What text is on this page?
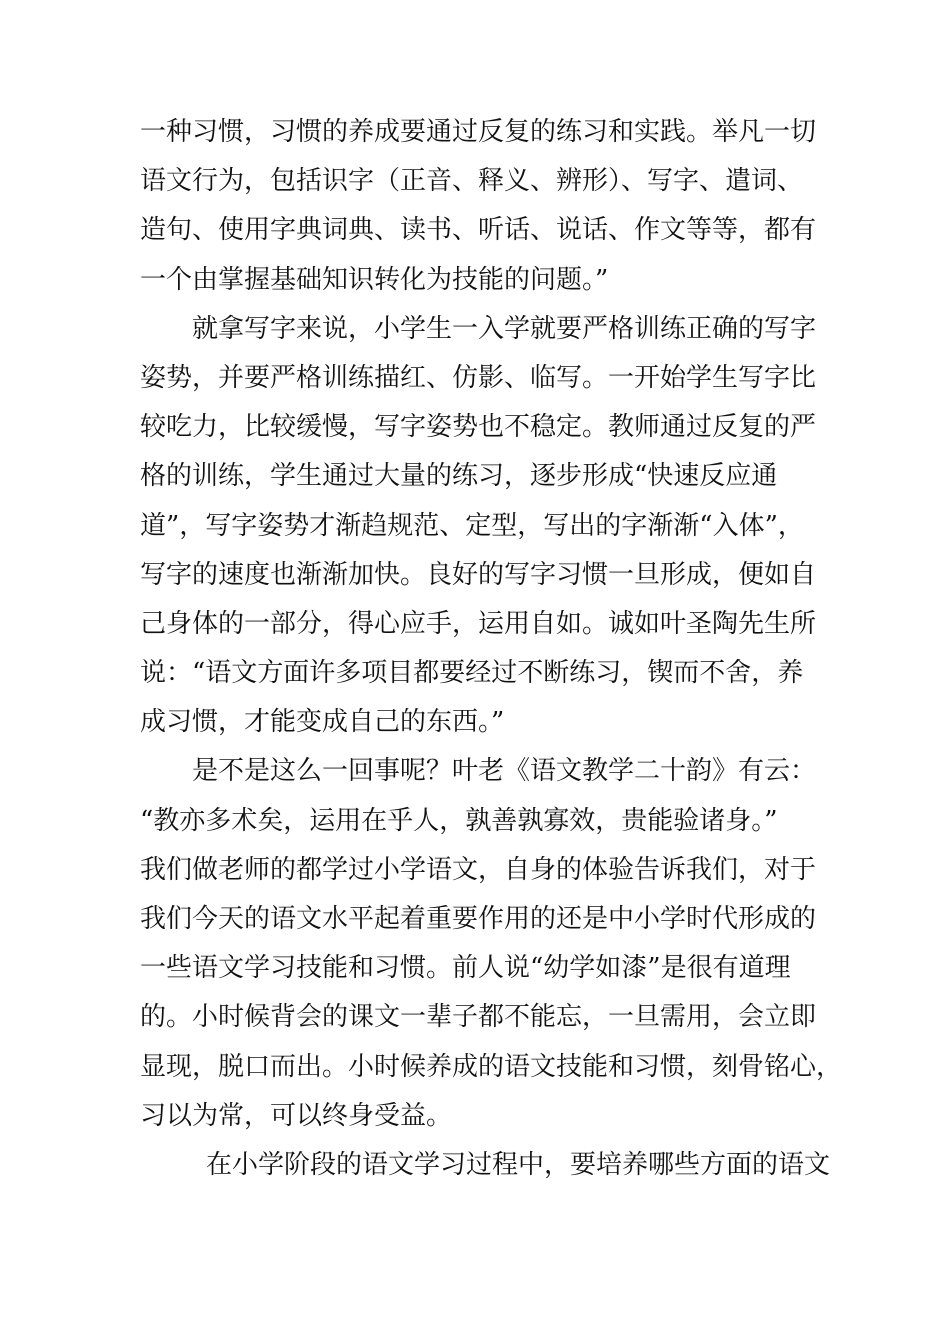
一种习惯，习惯的养成要通过反复的练习和实践。举凡一切
语文行为，包括识字（正音、释义、辨形）、写字、遣词、
造句、使用字典词典、读书、听话、说话、作文等等，都有
一个由掌握基础知识转化为技能的问题。”
就拿写字来说，小学生一入学就要严格训练正确的写字
姿势，并要严格训练描红、仿影、临写。一开始学生写字比
较吃力，比较缓慢，写字姿势也不稳定。教师通过反复的严
格的训练，学生通过大量的练习，逐步形成“快速反应通
道”，写字姿势才渐趋规范、定型，写出的字渐渐“入体”，
写字的速度也渐渐加快。良好的写字习惯一旦形成，便如自
己身体的一部分，得心应手，运用自如。诚如叶圣陶先生所
说：“语文方面许多项目都要经过不断练习，锲而不舍，养
成习惯，才能变成自己的东西。”
是不是这么一回事呢？叶老《语文教学二十韵》有云：
“教亦多术矣，运用在乎人，孰善孰寡效，贵能验诸身。”
我们做老师的都学过小学语文，自身的体验告诉我们，对于
我们今天的语文水平起着重要作用的还是中小学时代形成的
一些语文学习技能和习惯。前人说“幼学如漆”是很有道理
的。小时候背会的课文一辈子都不能忘，一旦需用，会立即
显现，脱口而出。小时候养成的语文技能和习惯，刻骨铭心，
习以为常，可以终身受益。
在小学阶段的语文学习过程中，要培养哪些方面的语文
